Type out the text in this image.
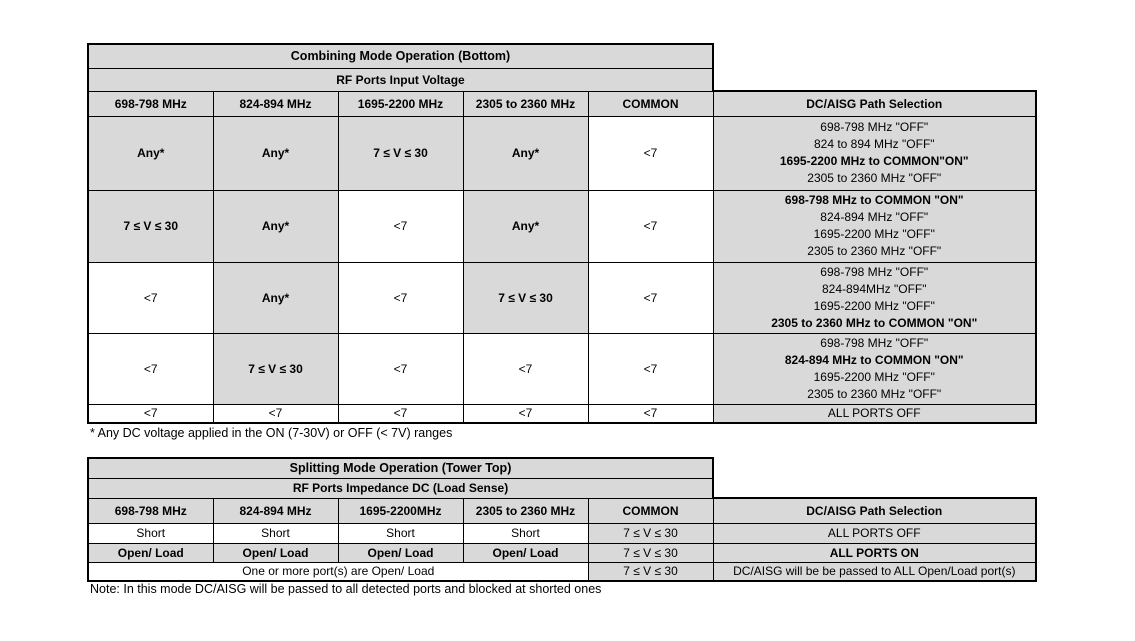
Combining Mode Operation (Bottom)					
RF Ports Input Voltage					
698-798 MHz	824-894 MHz	1695-2200 MHz	2305 to 2360 MHz	COMMON	DC/AISG Path Selection
Any*	Any*	7 ≤ V ≤ 30	Any*	<7	698-798 MHz "OFF"
824 to 894 MHz "OFF"
1695-2200 MHz to COMMON"ON"
2305 to 2360 MHz "OFF"

7 ≤ V ≤ 30	Any*	<7	Any*	<7	698-798 MHz to COMMON "ON"
824-894 MHz "OFF"
1695-2200 MHz "OFF"
2305 to 2360 MHz "OFF"

<7	Any*	<7	7 ≤ V ≤ 30	<7	698-798 MHz "OFF"
824-894MHz "OFF"
1695-2200 MHz "OFF"
2305 to 2360 MHz to COMMON "ON"

<7	7 ≤ V ≤ 30	<7	<7	<7	698-798 MHz "OFF"
824-894 MHz to COMMON "ON"
1695-2200 MHz "OFF"
2305 to 2360 MHz "OFF"

<7	<7	<7	<7	<7	ALL PORTS OFF
* Any DC voltage applied in the ON (7-30V) or OFF (< 7V) ranges
Splitting Mode Operation (Tower Top)					
RF Ports Impedance DC (Load Sense)					
698-798 MHz	824-894 MHz	1695-2200MHz	2305 to 2360 MHz	COMMON	DC/AISG Path Selection
Short	Short	Short	Short	7 ≤ V ≤ 30	ALL PORTS OFF
Open/ Load	Open/ Load	Open/ Load	Open/ Load	7 ≤ V ≤ 30	ALL PORTS ON
One or more port(s) are Open/ Load				7 ≤ V ≤ 30	DC/AISG will be be passed to ALL Open/Load port(s)
Note: In this mode DC/AISG will be passed to all detected ports and blocked at shorted ones
